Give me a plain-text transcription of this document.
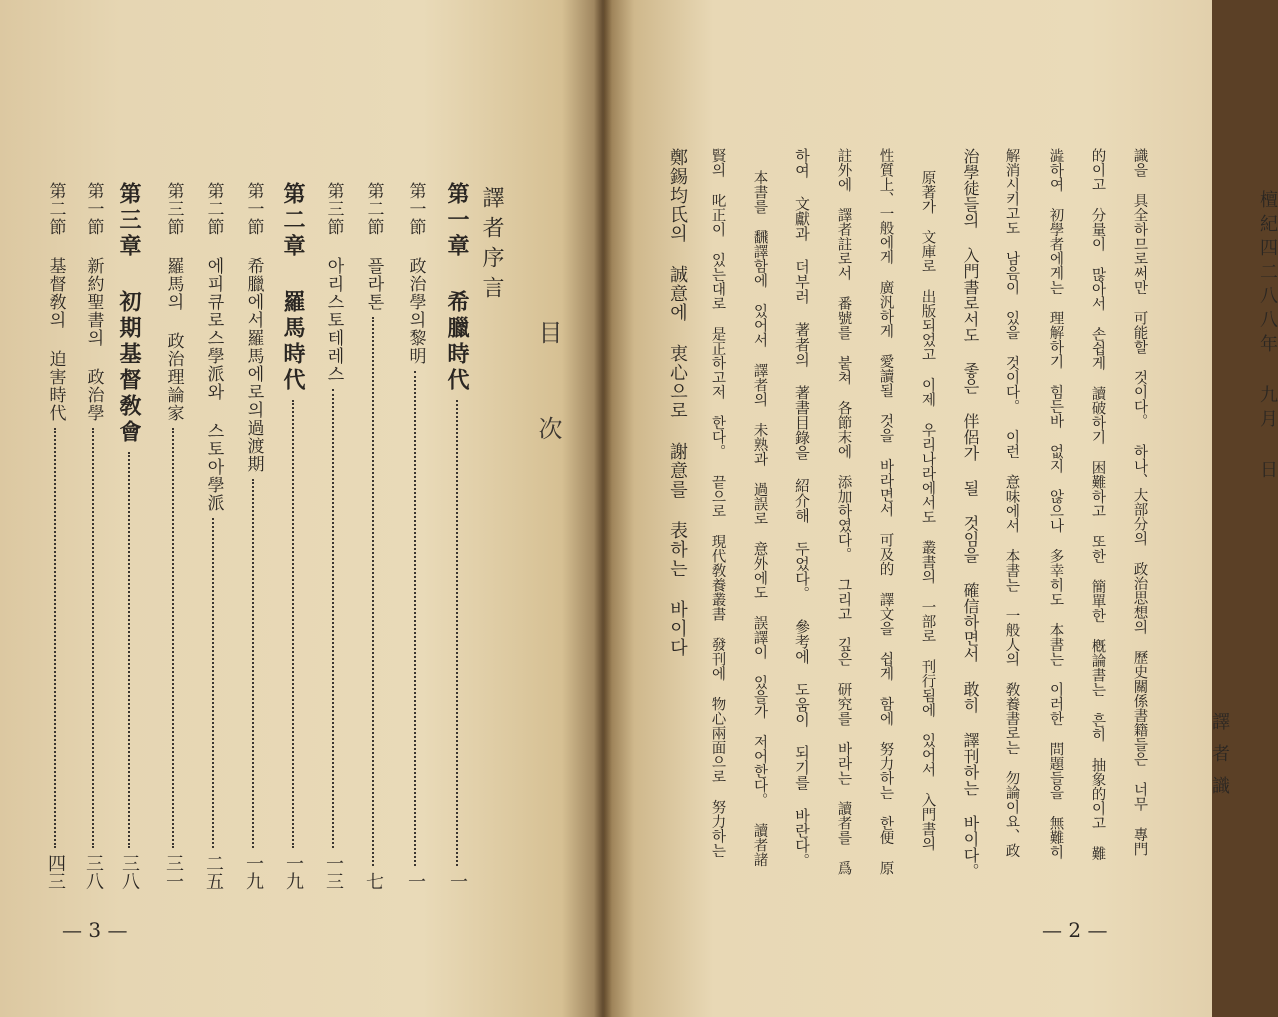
目 次
譯者序言
第一章 希臘時代
一
第一節 政治學의黎明
一
第二節 플라톤
七
第三節 아리스토테레스
一三
第二章 羅馬時代
一九
第一節 希臘에서羅馬에로의過渡期
一九
第二節 에피큐로스學派와 스토아學派
二五
第三節 羅馬의 政治理論家
三一
第三章 初期基督敎會
三八
第一節 新約聖書의 政治學
三八
第二節 基督敎의 迫害時代
四三
— 3 —
識을 具全하므로써만 可能할 것이다。 하나、大部分의 政治思想의 歷史關係書籍들은 너무 專門
的이고 分量이 많아서 손쉽게 讀破하기 困難하고 또한 簡單한 槪論書는 흔히 抽象的이고 難
澁하여 初學者에게는 理解하기 힘든바 없지 않으나 多幸히도 本書는 이러한 問題들을 無難히
解消시키고도 남음이 있을 것이다。 이런 意味에서 本書는 一般人의 敎養書로는 勿論이요、政
治學徒들의 入門書로서도 좋은 伴侶가 될 것임을 確信하면서 敢히 譯刊하는 바이다。
原著가 文庫로 出版되었고 이제 우리나라에서도 叢書의 一部로 刊行됨에 있어서 入門書의
性質上、一般에게 廣汎하게 愛讀될 것을 바라면서 可及的 譯文을 쉽게 함에 努力하는 한便 原
註外에 譯者註로서 番號를 붙쳐 各節末에 添加하였다。 그리고 깊은 研究를 바라는 讀者를 爲
하여 文獻과 더부러 著者의 著書目錄을 紹介해 두었다。 參考에 도움이 되기를 바란다。
本書를 飜譯함에 있어서 譯者의 未熟과 過誤로 意外에도 誤譯이 있을가 저어한다。 讀者諸
賢의 叱正이 있는대로 是正하고저 한다。 끝으로 現代敎養叢書 發刊에 物心兩面으로 努力하는
鄭錫均氏의 誠意에 衷心으로 謝意를 表하는 바이다	檀紀四二八八年 九月 日
譯者識
— 2 —
